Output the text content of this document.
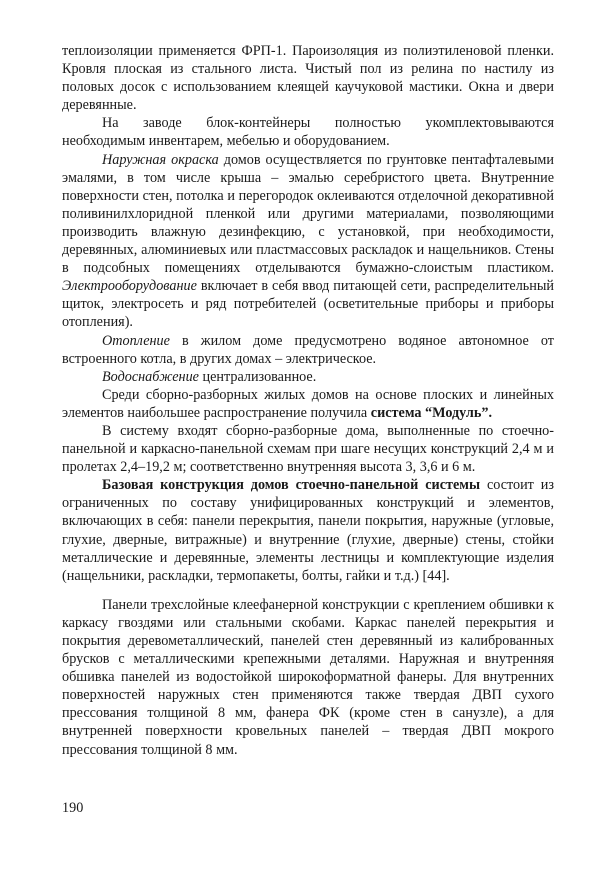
теплоизоляции применяется ФРП-1. Пароизоляция из полиэтиленовой пленки. Кровля плоская из стального листа. Чистый пол из релина по настилу из половых досок с использованием клеящей каучуковой мастики. Окна и двери деревянные.

На заводе блок-контейнеры полностью укомплектовываются необходимым инвентарем, мебелью и оборудованием.

Наружная окраска домов осуществляется по грунтовке пентафталевыми эмалями, в том числе крыша – эмалью серебристого цвета. Внутренние поверхности стен, потолка и перегородок оклеиваются отделочной декоративной поливинилхлоридной пленкой или другими материалами, позволяющими производить влажную дезинфекцию, с установкой, при необходимости, деревянных, алюминиевых или пластмассовых раскладок и нащельников. Стены в подсобных помещениях отделываются бумажно-слоистым пластиком. Электрооборудование включает в себя ввод питающей сети, распределительный щиток, электросеть и ряд потребителей (осветительные приборы и приборы отопления).

Отопление в жилом доме предусмотрено водяное автономное от встроенного котла, в других домах – электрическое.

Водоснабжение централизованное.

Среди сборно-разборных жилых домов на основе плоских и линейных элементов наибольшее распространение получила система “Модуль”.

В систему входят сборно-разборные дома, выполненные по стоечно-панельной и каркасно-панельной схемам при шаге несущих конструкций 2,4 м и пролетах 2,4–19,2 м; соответственно внутренняя высота 3, 3,6 и 6 м.

Базовая конструкция домов стоечно-панельной системы состоит из ограниченных по составу унифицированных конструкций и элементов, включающих в себя: панели перекрытия, панели покрытия, наружные (угловые, глухие, дверные, витражные) и внутренние (глухие, дверные) стены, стойки металлические и деревянные, элементы лестницы и комплектующие изделия (нащельники, раскладки, термопакеты, болты, гайки и т.д.) [44].

Панели трехслойные клеефанерной конструкции с креплением обшивки к каркасу гвоздями или стальными скобами. Каркас панелей перекрытия и покрытия деревометаллический, панелей стен деревянный из калиброванных брусков с металлическими крепежными деталями. Наружная и внутренняя обшивка панелей из водостойкой широкоформатной фанеры. Для внутренних поверхностей наружных стен применяются также твердая ДВП сухого прессования толщиной 8 мм, фанера ФК (кроме стен в санузле), а для внутренней поверхности кровельных панелей – твердая ДВП мокрого прессования толщиной 8 мм.

190
